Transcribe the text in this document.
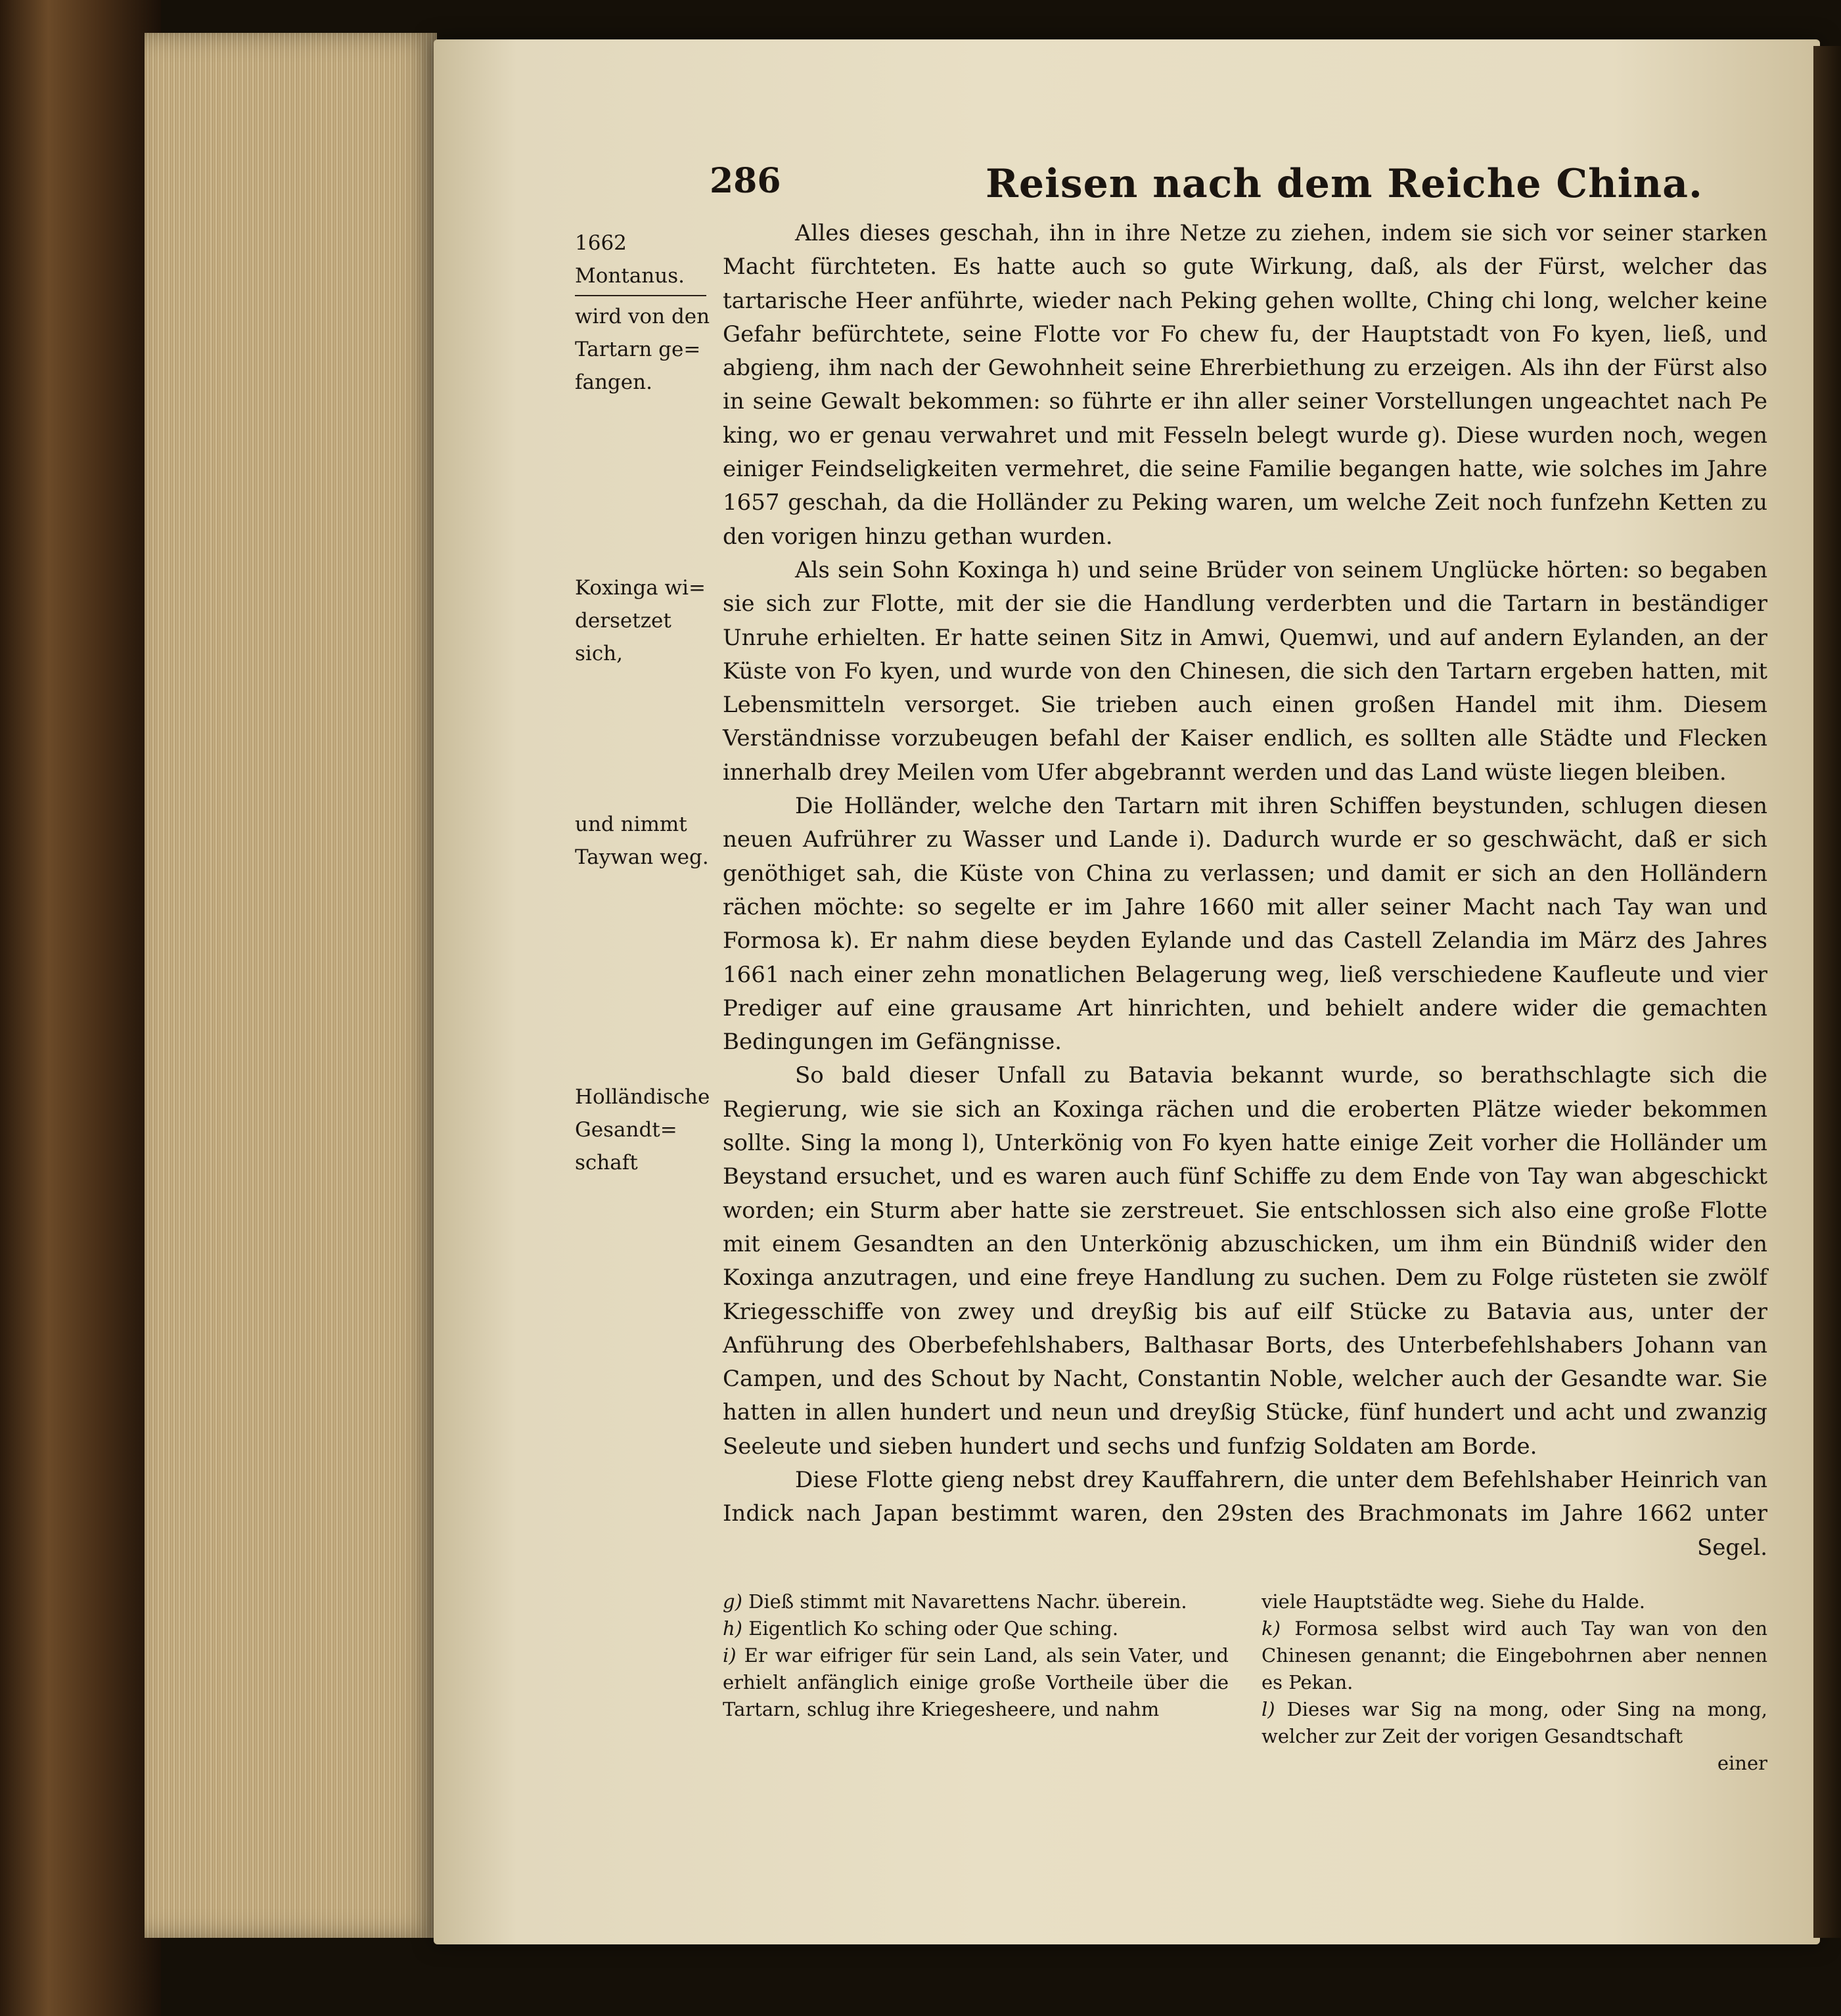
286	Reisen nach dem Reiche China.
1662
Montanus.
wird von den
Tartarn ge=
fangen.
Koxinga wi=
dersetzet sich,
und nimmt
Taywan weg.
Holländische
Gesandt=
schaft

Alles dieses geschah, ihn in ihre Netze zu ziehen, indem sie sich vor seiner starken Macht fürchteten. Es hatte auch so gute Wirkung, daß, als der Fürst, welcher das tartarische Heer anführte, wieder nach Peking gehen wollte, Ching chi long, welcher keine Gefahr befürchtete, seine Flotte vor Fo chew fu, der Hauptstadt von Fo kyen, ließ, und abgieng, ihm nach der Gewohnheit seine Ehrerbiethung zu erzeigen. Als ihn der Fürst also in seine Gewalt bekommen: so führte er ihn aller seiner Vorstellungen ungeachtet nach Pe king, wo er genau verwahret und mit Fesseln belegt wurde g). Diese wurden noch, wegen einiger Feindseligkeiten vermehret, die seine Familie begangen hatte, wie solches im Jahre 1657 geschah, da die Holländer zu Peking waren, um welche Zeit noch funfzehn Ketten zu den vorigen hinzu gethan wurden.

Als sein Sohn Koxinga h) und seine Brüder von seinem Unglücke hörten: so begaben sie sich zur Flotte, mit der sie die Handlung verderbten und die Tartarn in beständiger Unruhe erhielten. Er hatte seinen Sitz in Amwi, Quemwi, und auf andern Eylanden, an der Küste von Fo kyen, und wurde von den Chinesen, die sich den Tartarn ergeben hatten, mit Lebensmitteln versorget. Sie trieben auch einen großen Handel mit ihm. Diesem Verständnisse vorzubeugen befahl der Kaiser endlich, es sollten alle Städte und Flecken innerhalb drey Meilen vom Ufer abgebrannt werden und das Land wüste liegen bleiben.

Die Holländer, welche den Tartarn mit ihren Schiffen beystunden, schlugen diesen neuen Aufrührer zu Wasser und Lande i). Dadurch wurde er so geschwächt, daß er sich genöthiget sah, die Küste von China zu verlassen; und damit er sich an den Holländern rächen möchte: so segelte er im Jahre 1660 mit aller seiner Macht nach Tay wan und Formosa k). Er nahm diese beyden Eylande und das Castell Zelandia im März des Jahres 1661 nach einer zehn monatlichen Belagerung weg, ließ verschiedene Kaufleute und vier Prediger auf eine grausame Art hinrichten, und behielt andere wider die gemachten Bedingungen im Gefängnisse.

So bald dieser Unfall zu Batavia bekannt wurde, so berathschlagte sich die Regierung, wie sie sich an Koxinga rächen und die eroberten Plätze wieder bekommen sollte. Sing la mong l), Unterkönig von Fo kyen hatte einige Zeit vorher die Holländer um Beystand ersuchet, und es waren auch fünf Schiffe zu dem Ende von Tay wan abgeschickt worden; ein Sturm aber hatte sie zerstreuet. Sie entschlossen sich also eine große Flotte mit einem Gesandten an den Unterkönig abzuschicken, um ihm ein Bündniß wider den Koxinga anzutragen, und eine freye Handlung zu suchen. Dem zu Folge rüsteten sie zwölf Kriegesschiffe von zwey und dreyßig bis auf eilf Stücke zu Batavia aus, unter der Anführung des Oberbefehlshabers, Balthasar Borts, des Unterbefehlshabers Johann van Campen, und des Schout by Nacht, Constantin Noble, welcher auch der Gesandte war. Sie hatten in allen hundert und neun und dreyßig Stücke, fünf hundert und acht und zwanzig Seeleute und sieben hundert und sechs und funfzig Soldaten am Borde.

Diese Flotte gieng nebst drey Kauffahrern, die unter dem Befehlshaber Heinrich van Indick nach Japan bestimmt waren, den 29sten des Brachmonats im Jahre 1662 unter Segel.

g) Dieß stimmt mit Navarettens Nachr. überein.

h) Eigentlich Ko sching oder Que sching.

i) Er war eifriger für sein Land, als sein Vater, und erhielt anfänglich einige große Vortheile über die Tartarn, schlug ihre Kriegesheere, und nahm

viele Hauptstädte weg. Siehe du Halde.

k) Formosa selbst wird auch Tay wan von den Chinesen genannt; die Eingebohrnen aber nennen es Pekan.

l) Dieses war Sig na mong, oder Sing na mong, welcher zur Zeit der vorigen Gesandtschaft

einer
